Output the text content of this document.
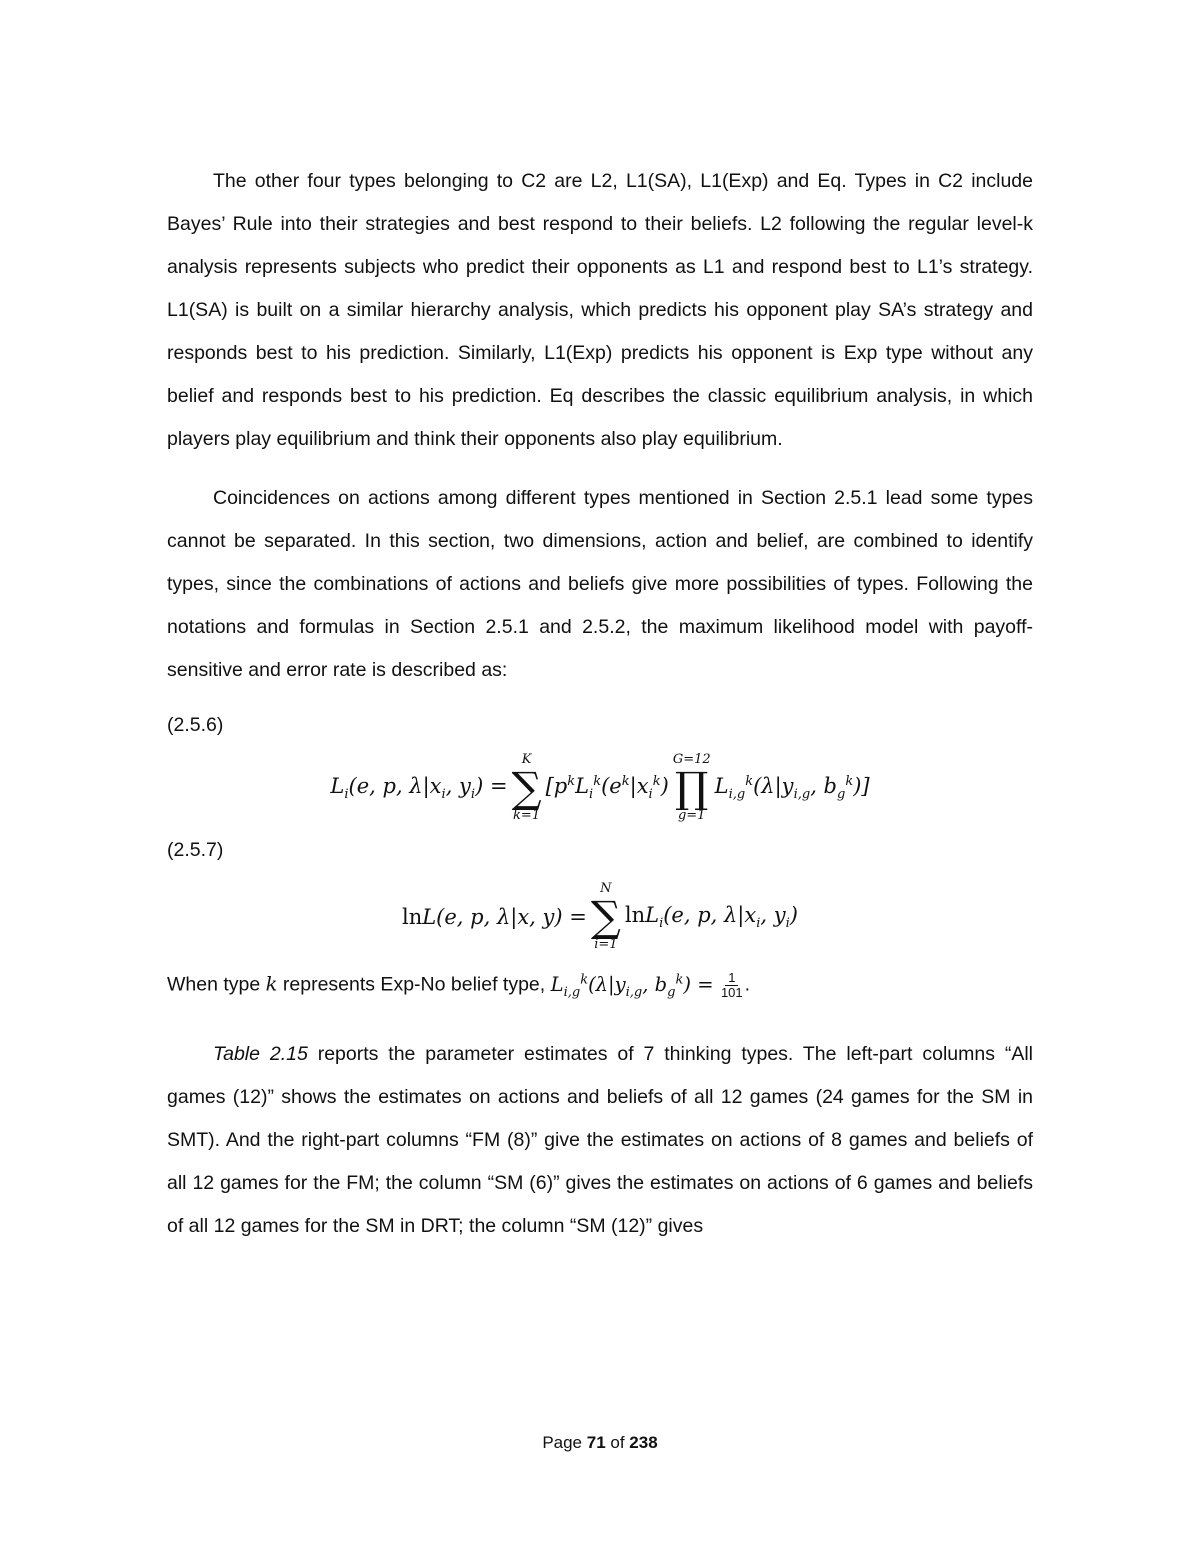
The other four types belonging to C2 are L2, L1(SA), L1(Exp) and Eq. Types in C2 include Bayes’ Rule into their strategies and best respond to their beliefs. L2 following the regular level-k analysis represents subjects who predict their opponents as L1 and respond best to L1’s strategy. L1(SA) is built on a similar hierarchy analysis, which predicts his opponent play SA’s strategy and responds best to his prediction. Similarly, L1(Exp) predicts his opponent is Exp type without any belief and responds best to his prediction. Eq describes the classic equilibrium analysis, in which players play equilibrium and think their opponents also play equilibrium.

Coincidences on actions among different types mentioned in Section 2.5.1 lead some types cannot be separated. In this section, two dimensions, action and belief, are combined to identify types, since the combinations of actions and beliefs give more possibilities of types. Following the notations and formulas in Section 2.5.1 and 2.5.2, the maximum likelihood model with payoff-sensitive and error rate is described as:

(2.5.6)

$L_i(e$, p, $\lambda|x_i$, $y_i$) =
K
∑
k=1
[$p^kL_i^k(e^k|x_i^k)$
G=12
∏
g=1
$L_{i,g}^k(\lambda|y_{i,g}$, $b_g^k$)]

(2.5.7)

lnL(e, p, λ|x, y) =
N
∑
i=1
lnL$_i$(e, p, $\lambda|x_i$, $y_i$)

When type k represents Exp-No belief type, $L_{i,g}^k(\lambda|y_{i,g}$, $b_g^k) = \frac{1}{101}$ .

Table 2.15 reports the parameter estimates of 7 thinking types. The left-part columns “All games (12)” shows the estimates on actions and beliefs of all 12 games (24 games for the SM in SMT). And the right-part columns “FM (8)” give the estimates on actions of 8 games and beliefs of all 12 games for the FM; the column “SM (6)” gives the estimates on actions of 6 games and beliefs of all 12 games for the SM in DRT; the column “SM (12)” gives

Page 71 of 238
